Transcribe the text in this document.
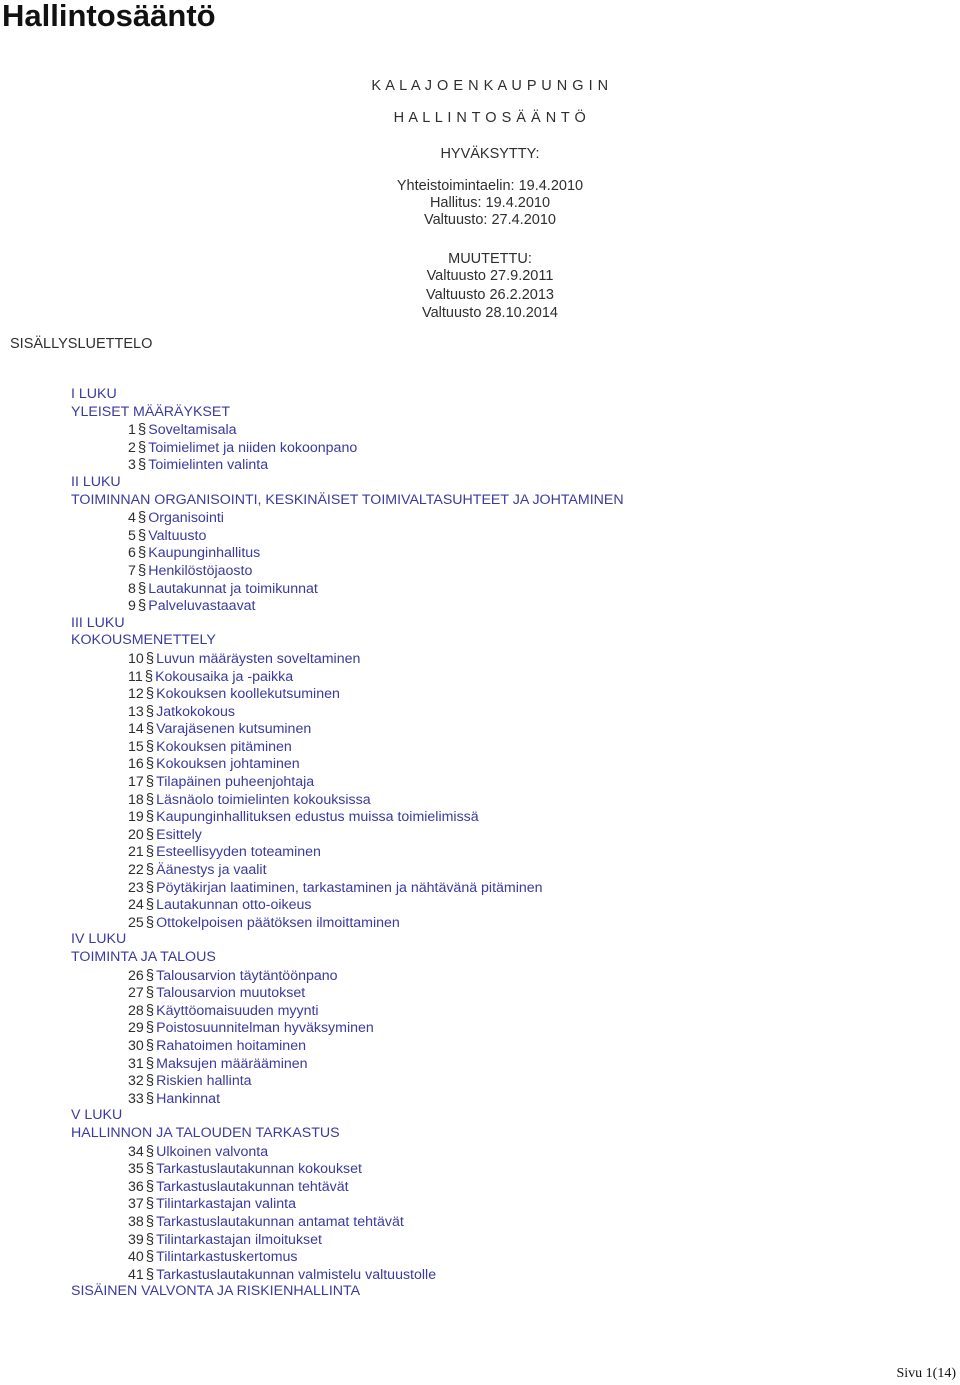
Hallintosääntö
K A L A J O E N K A U P U N G I N
H A L L I N T O S Ä Ä N T Ö
HYVÄKSYTTY:
Yhteistoimintaelin: 19.4.2010
Hallitus: 19.4.2010
Valtuusto: 27.4.2010
MUUTETTU:
Valtuusto 27.9.2011
Valtuusto 26.2.2013
Valtuusto 28.10.2014
SISÄLLYSLUETTELO
I LUKU
YLEISET MÄÄRÄYKSET
1 § Soveltamisala
2 § Toimielimet ja niiden kokoonpano
3 § Toimielinten valinta
II LUKU
TOIMINNAN ORGANISOINTI, KESKINÄISET TOIMIVALTASUHTEET JA JOHTAMINEN
4 § Organisointi
5 § Valtuusto
6 § Kaupunginhallitus
7 § Henkilöstöjaosto
8 § Lautakunnat ja toimikunnat
9 § Palveluvastaavat
III LUKU
KOKOUSMENETTELY
10 § Luvun määräysten soveltaminen
11 § Kokousaika ja -paikka
12 § Kokouksen koollekutsuminen
13 § Jatkokokous
14 § Varajäsenen kutsuminen
15 § Kokouksen pitäminen
16 § Kokouksen johtaminen
17 § Tilapäinen puheenjohtaja
18 § Läsnäolo toimielinten kokouksissa
19 § Kaupunginhallituksen edustus muissa toimielimissä
20 § Esittely
21 § Esteellisyyden toteaminen
22 § Äänestys ja vaalit
23 § Pöytäkirjan laatiminen, tarkastaminen ja nähtävänä pitäminen
24 § Lautakunnan otto-oikeus
25 § Ottokelpoisen päätöksen ilmoittaminen
IV LUKU
TOIMINTA JA TALOUS
26 § Talousarvion täytäntöönpano
27 § Talousarvion muutokset
28 § Käyttöomaisuuden myynti
29 § Poistosuunnitelman hyväksyminen
30 § Rahatoimen hoitaminen
31 § Maksujen määrääminen
32 § Riskien hallinta
33 § Hankinnat
V LUKU
HALLINNON JA TALOUDEN TARKASTUS
34 § Ulkoinen valvonta
35 § Tarkastuslautakunnan kokoukset
36 § Tarkastuslautakunnan tehtävät
37 § Tilintarkastajan valinta
38 § Tarkastuslautakunnan antamat tehtävät
39 § Tilintarkastajan ilmoitukset
40 § Tilintarkastuskertomus
41 § Tarkastuslautakunnan valmistelu valtuustolle
SISÄINEN VALVONTA JA RISKIENHALLINTA
Sivu 1(14)
